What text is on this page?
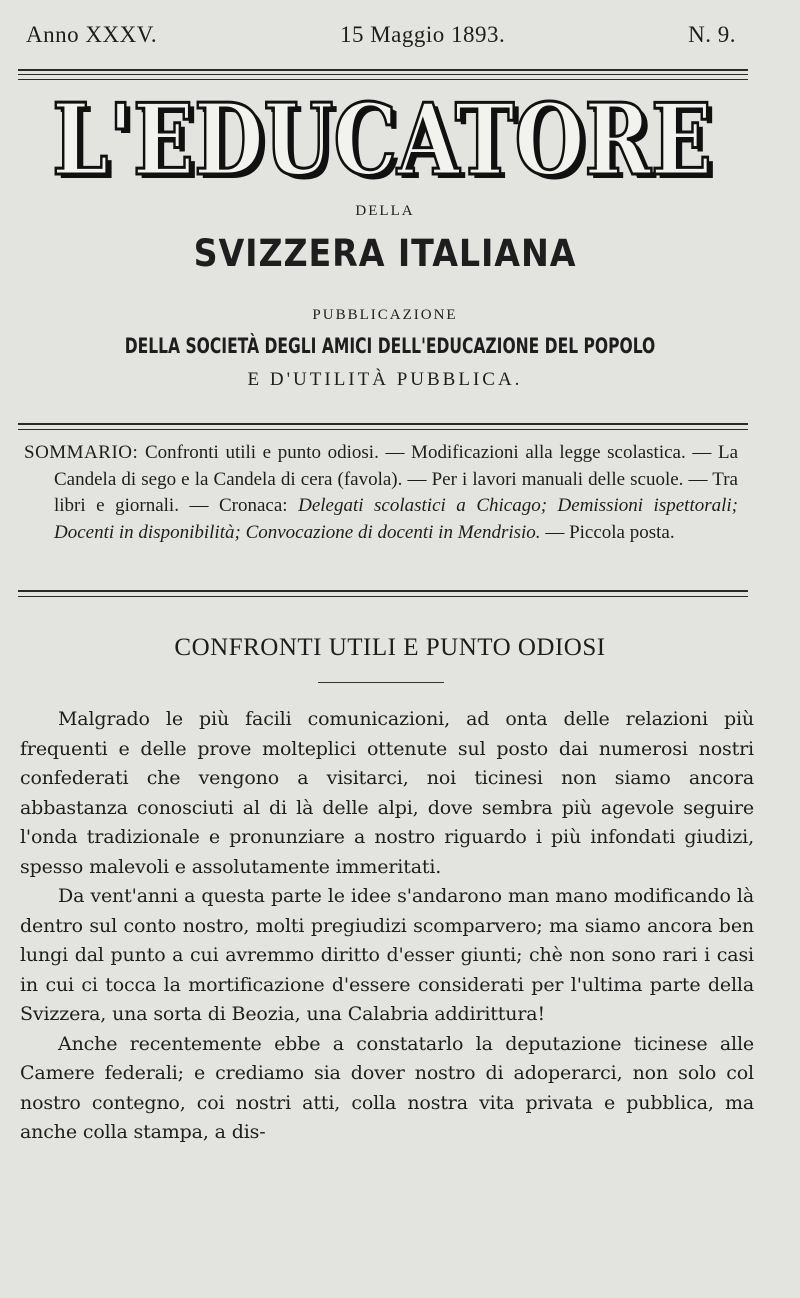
Anno XXXV.	15 Maggio 1893.	N. 9.
L'EDUCATORE
L'EDUCATORE
DELLA
SVIZZERA ITALIANA
PUBBLICAZIONE
DELLA SOCIETÀ DEGLI AMICI DELL'EDUCAZIONE DEL POPOLO
E D'UTILITÀ PUBBLICA.

SOMMARIO: Confronti utili e punto odiosi. — Modificazioni alla legge scolastica. — La Candela di sego e la Candela di cera (favola). — Per i lavori manuali delle scuole. — Tra libri e giornali. — Cronaca: Delegati scolastici a Chicago; Demissioni ispettorali; Docenti in disponibilità; Convocazione di docenti in Mendrisio. — Piccola posta.

CONFRONTI UTILI E PUNTO ODIOSI

Malgrado le più facili comunicazioni, ad onta delle relazioni più frequenti e delle prove molteplici ottenute sul posto dai numerosi nostri confederati che vengono a visitarci, noi ticinesi non siamo ancora abbastanza conosciuti al di là delle alpi, dove sembra più agevole seguire l'onda tradizionale e pronunziare a nostro riguardo i più infondati giudizi, spesso malevoli e assolutamente immeritati.

Da vent'anni a questa parte le idee s'andarono man mano modificando là dentro sul conto nostro, molti pregiudizi scomparvero; ma siamo ancora ben lungi dal punto a cui avremmo diritto d'esser giunti; chè non sono rari i casi in cui ci tocca la mortificazione d'essere considerati per l'ultima parte della Svizzera, una sorta di Beozia, una Calabria addirittura!

Anche recentemente ebbe a constatarlo la deputazione ticinese alle Camere federali; e crediamo sia dover nostro di adoperarci, non solo col nostro contegno, coi nostri atti, colla nostra vita privata e pubblica, ma anche colla stampa, a dis-
